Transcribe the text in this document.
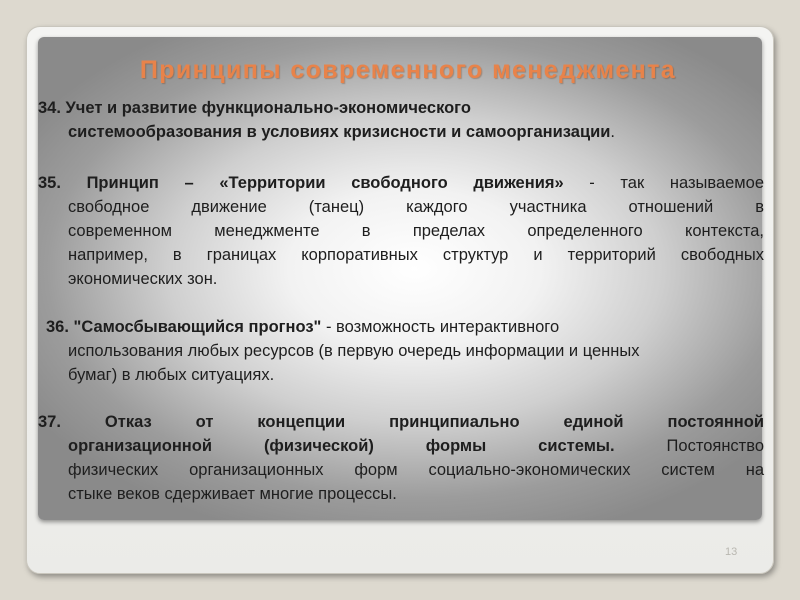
Принципы современного менеджмента
34. Учет и развитие функционально-экономического
системообразования в условиях кризисности и самоорганизации.
35. Принцип – «Территории свободного движения» - так называемое
свободное движение (танец) каждого участника отношений в
современном менеджменте в пределах определенного контекста,
например, в границах корпоративных структур и территорий свободных
экономических зон.
36. "Самосбывающийся прогноз" - возможность интерактивного
использования любых ресурсов (в первую очередь информации и ценных
бумаг) в любых ситуациях.
37. Отказ от концепции принципиально единой постоянной
организационной (физической) формы системы. Постоянство
физических организационных форм социально-экономических систем на
стыке веков сдерживает многие процессы.
13
